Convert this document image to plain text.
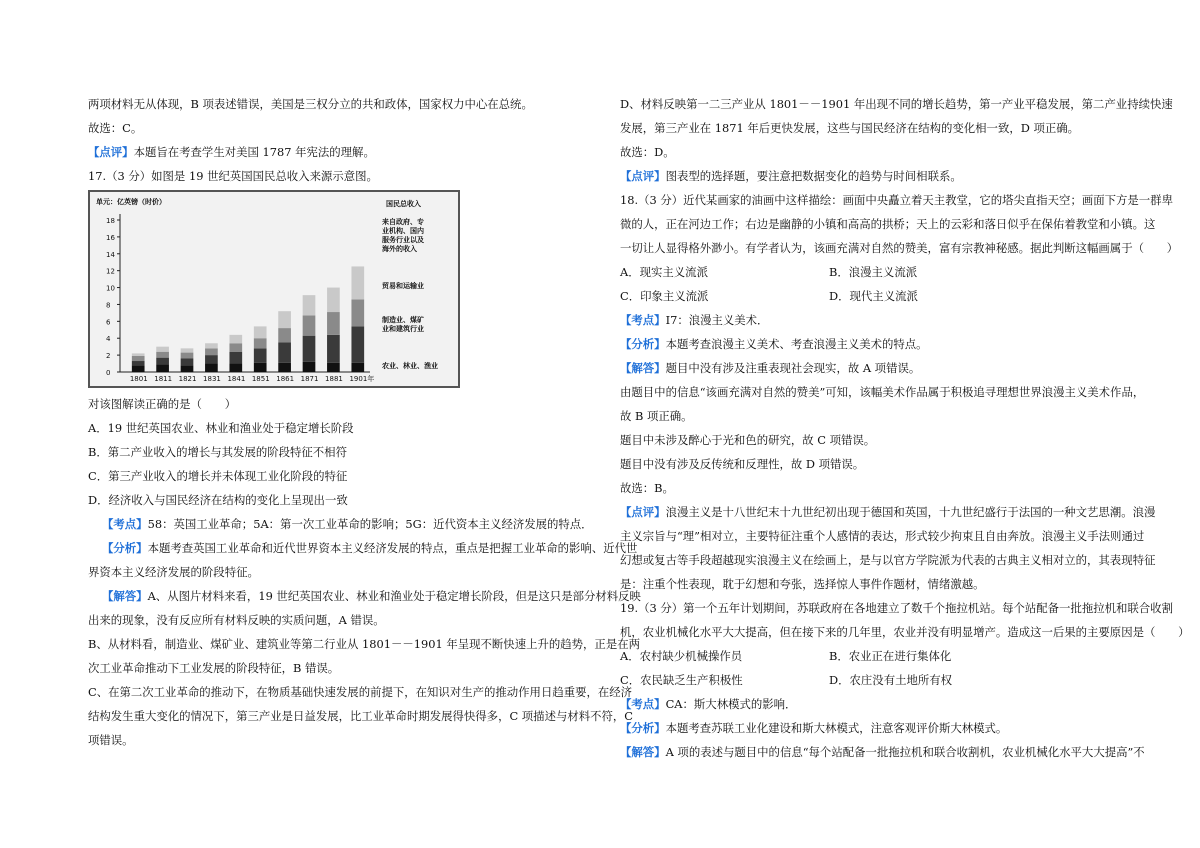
两项材料无从体现，B 项表述错误，美国是三权分立的共和政体，国家权力中心在总统。

故选：C。

【点评】本题旨在考查学生对美国 1787 年宪法的理解。

17.（3 分）如图是 19 世纪英国国民总收入来源示意图。

单元：亿英镑（时价）
0
2
4
6
8
10
12
14
16
18
1801 1811 1821 1831 1841 1851 1861 1871 1881 1901年
国民总收入
来自政府、专业机构、国内服务行业以及海外的收入
贸易和运输业
制造业、煤矿业和建筑行业
农业、林业、渔业

对该图解读正确的是（　　）

A．19 世纪英国农业、林业和渔业处于稳定增长阶段

B．第二产业收入的增长与其发展的阶段特征不相符

C．第三产业收入的增长并未体现工业化阶段的特征

D．经济收入与国民经济在结构的变化上呈现出一致

【考点】58：英国工业革命；5A：第一次工业革命的影响；5G：近代资本主义经济发展的特点．

【分析】本题考查英国工业革命和近代世界资本主义经济发展的特点，重点是把握工业革命的影响、近代世

界资本主义经济发展的阶段特征。

【解答】A、从图片材料来看，19 世纪英国农业、林业和渔业处于稳定增长阶段，但是这只是部分材料反映

出来的现象，没有反应所有材料反映的实质问题，A 错误。

B、从材料看，制造业、煤矿业、建筑业等第二行业从 1801－－1901 年呈现不断快速上升的趋势，正是在两

次工业革命推动下工业发展的阶段特征，B 错误。

C、在第二次工业革命的推动下，在物质基础快速发展的前提下，在知识对生产的推动作用日趋重要，在经济

结构发生重大变化的情况下，第三产业是日益发展，比工业革命时期发展得快得多，C 项描述与材料不符，C

项错误。

D、材料反映第一二三产业从 1801－－1901 年出现不同的增长趋势，第一产业平稳发展，第二产业持续快速

发展，第三产业在 1871 年后更快发展，这些与国民经济在结构的变化相一致，D 项正确。

故选：D。

【点评】图表型的选择题，要注意把数据变化的趋势与时间相联系。

18.（3 分）近代某画家的油画中这样描绘：画面中央矗立着天主教堂，它的塔尖直指天空；画面下方是一群卑

微的人，正在河边工作；右边是幽静的小镇和高高的拱桥；天上的云彩和落日似乎在保佑着教堂和小镇。这

一切让人显得格外渺小。有学者认为，该画充满对自然的赞美，富有宗教神秘感。据此判断这幅画属于（　　）

A．现实主义流派	B．浪漫主义流派

C．印象主义流派	D．现代主义流派

【考点】I7：浪漫主义美术．

【分析】本题考查浪漫主义美术、考查浪漫主义美术的特点。

【解答】题目中没有涉及注重表现社会现实，故 A 项错误。

由题目中的信息“该画充满对自然的赞美”可知，该幅美术作品属于积极追寻理想世界浪漫主义美术作品，

故 B 项正确。

题目中未涉及醉心于光和色的研究，故 C 项错误。

题目中没有涉及反传统和反理性，故 D 项错误。

故选：B。

【点评】浪漫主义是十八世纪末十九世纪初出现于德国和英国，十九世纪盛行于法国的一种文艺思潮。浪漫

主义宗旨与“理”相对立，主要特征注重个人感情的表达，形式较少拘束且自由奔放。浪漫主义手法则通过

幻想或复古等手段超越现实浪漫主义在绘画上，是与以官方学院派为代表的古典主义相对立的，其表现特征

是：注重个性表现，耽于幻想和夸张，选择惊人事件作题材，情绪激越。

19.（3 分）第一个五年计划期间，苏联政府在各地建立了数千个拖拉机站。每个站配备一批拖拉机和联合收割

机，农业机械化水平大大提高，但在接下来的几年里，农业并没有明显增产。造成这一后果的主要原因是（　　）

A．农村缺少机械操作员	B．农业正在进行集体化

C．农民缺乏生产积极性	D．农庄没有土地所有权

【考点】CA：斯大林模式的影响．

【分析】本题考查苏联工业化建设和斯大林模式，注意客观评价斯大林模式。

【解答】A 项的表述与题目中的信息“每个站配备一批拖拉机和联合收割机，农业机械化水平大大提高”不
